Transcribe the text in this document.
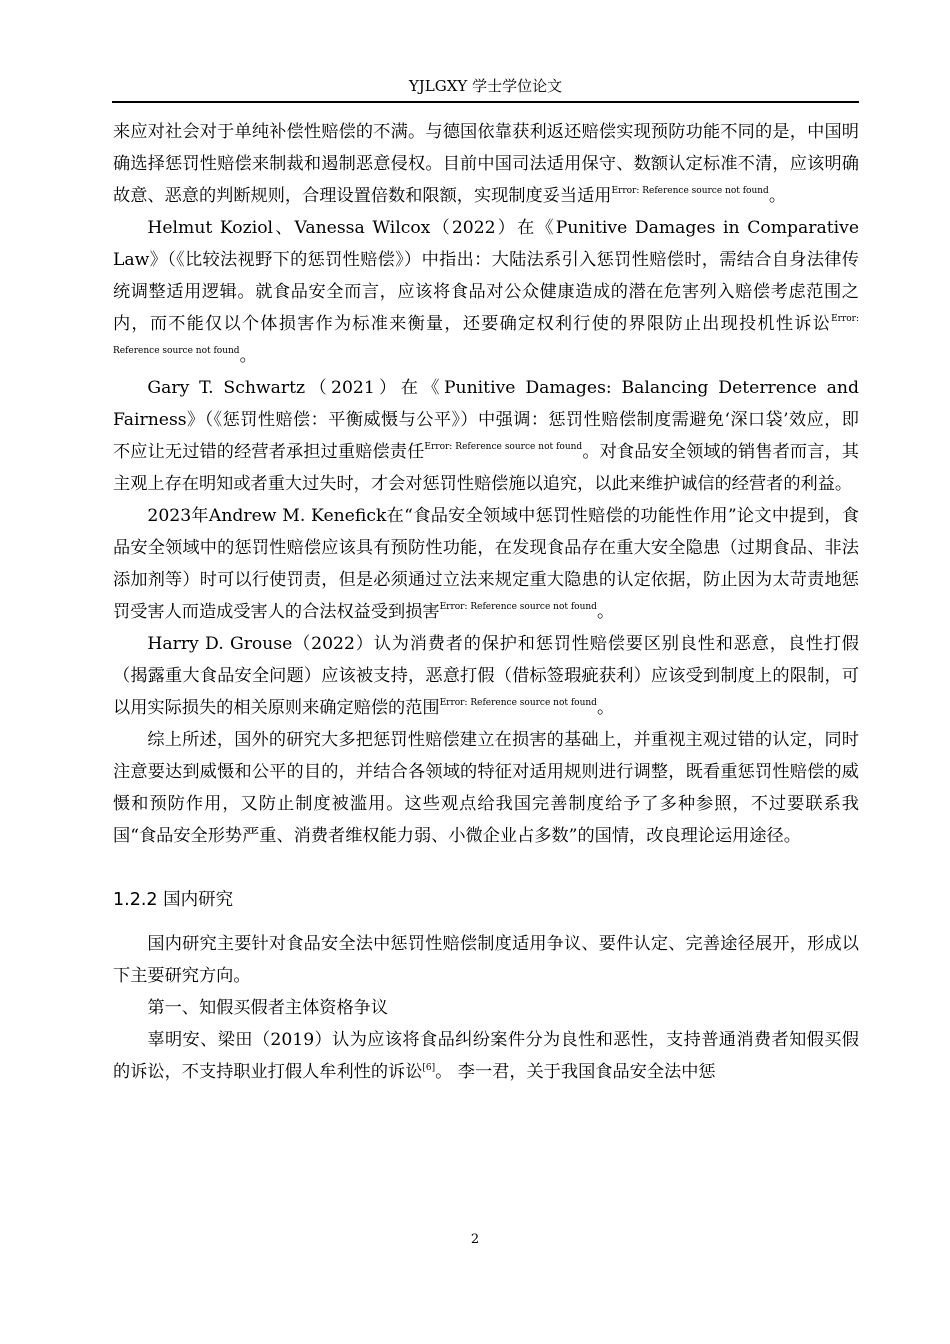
YJLGXY 学士学位论文

来应对社会对于单纯补偿性赔偿的不满。与德国依靠获利返还赔偿实现预防功能不同的是，中国明确选择惩罚性赔偿来制裁和遏制恶意侵权。目前中国司法适用保守、数额认定标准不清，应该明确故意、恶意的判断规则，合理设置倍数和限额，实现制度妥当适用$^{Error: Reference source not found}$。

Helmut Koziol、Vanessa Wilcox（2022）在《Punitive Damages in Comparative Law》（《比较法视野下的惩罚性赔偿》）中指出：大陆法系引入惩罚性赔偿时，需结合自身法律传统调整适用逻辑。就食品安全而言，应该将食品对公众健康造成的潜在危害列入赔偿考虑范围之内，而不能仅以个体损害作为标准来衡量，还要确定权利行使的界限防止出现投机性诉讼$^{Error: Reference source not found}$。

Gary T. Schwartz（2021）在《Punitive Damages: Balancing Deterrence and Fairness》（《惩罚性赔偿：平衡威慑与公平》）中强调：惩罚性赔偿制度需避免‘深口袋’效应，即不应让无过错的经营者承担过重赔偿责任$^{Error: Reference source not found}$。对食品安全领域的销售者而言，其主观上存在明知或者重大过失时，才会对惩罚性赔偿施以追究，以此来维护诚信的经营者的利益。

2023年Andrew M. Kenefick在“食品安全领域中惩罚性赔偿的功能性作用”论文中提到，食品安全领域中的惩罚性赔偿应该具有预防性功能，在发现食品存在重大安全隐患（过期食品、非法添加剂等）时可以行使罚责，但是必须通过立法来规定重大隐患的认定依据，防止因为太苛责地惩罚受害人而造成受害人的合法权益受到损害$^{Error: Reference source not found}$。

Harry D. Grouse（2022）认为消费者的保护和惩罚性赔偿要区别良性和恶意，良性打假（揭露重大食品安全问题）应该被支持，恶意打假（借标签瑕疵获利）应该受到制度上的限制，可以用实际损失的相关原则来确定赔偿的范围$^{Error: Reference source not found}$。

综上所述，国外的研究大多把惩罚性赔偿建立在损害的基础上，并重视主观过错的认定，同时注意要达到威慑和公平的目的，并结合各领域的特征对适用规则进行调整，既看重惩罚性赔偿的威慑和预防作用，又防止制度被滥用。这些观点给我国完善制度给予了多种参照，不过要联系我国“食品安全形势严重、消费者维权能力弱、小微企业占多数”的国情，改良理论运用途径。

1.2.2 国内研究

国内研究主要针对食品安全法中惩罚性赔偿制度适用争议、要件认定、完善途径展开，形成以下主要研究方向。

第一、知假买假者主体资格争议

辜明安、梁田（2019）认为应该将食品纠纷案件分为良性和恶性，支持普通消费者知假买假的诉讼，不支持职业打假人牟利性的诉讼[6]。 李一君，关于我国食品安全法中惩

2
